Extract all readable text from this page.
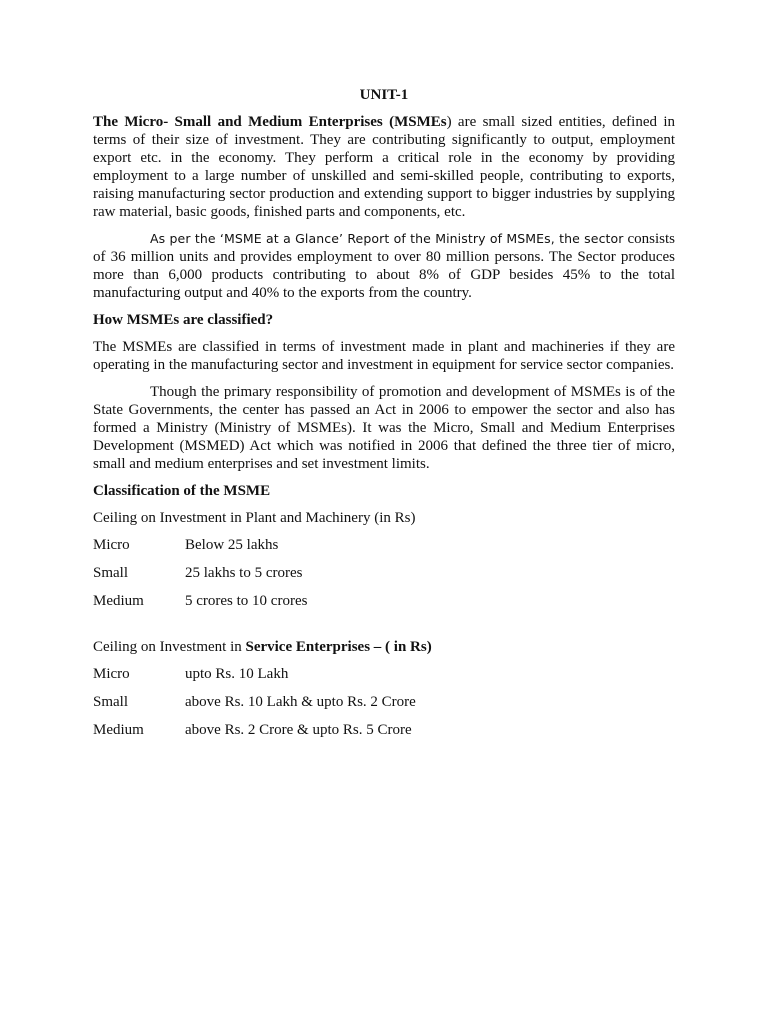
UNIT-1

The Micro- Small and Medium Enterprises (MSMEs) are small sized entities, defined in terms of their size of investment. They are contributing significantly to output, employment export etc. in the economy. They perform a critical role in the economy by providing employment to a large number of unskilled and semi-skilled people, contributing to exports, raising manufacturing sector production and extending support to bigger industries by supplying raw material, basic goods, finished parts and components, etc.

As per the ‘MSME at a Glance’ Report of the Ministry of MSMEs, the sector consists of 36 million units and provides employment to over 80 million persons. The Sector produces more than 6,000 products contributing to about 8% of GDP besides 45% to the total manufacturing output and 40% to the exports from the country.

How MSMEs are classified?

The MSMEs are classified in terms of investment made in plant and machineries if they are operating in the manufacturing sector and investment in equipment for service sector companies.

Though the primary responsibility of promotion and development of MSMEs is of the State Governments, the center has passed an Act in 2006 to empower the sector and also has formed a Ministry (Ministry of MSMEs). It was the Micro, Small and Medium Enterprises Development (MSMED) Act which was notified in 2006 that defined the three tier of micro, small and medium enterprises and set investment limits.

Classification of the MSME
Ceiling on Investment in Plant and Machinery (in Rs)
Micro	Below 25 lakhs
Small	25 lakhs to 5 crores
Medium	5 crores to 10 crores
Ceiling on Investment in Service Enterprises – ( in Rs)
Micro	upto Rs. 10 Lakh
Small	above Rs. 10 Lakh & upto Rs. 2 Crore
Medium	above Rs. 2 Crore & upto Rs. 5 Crore
